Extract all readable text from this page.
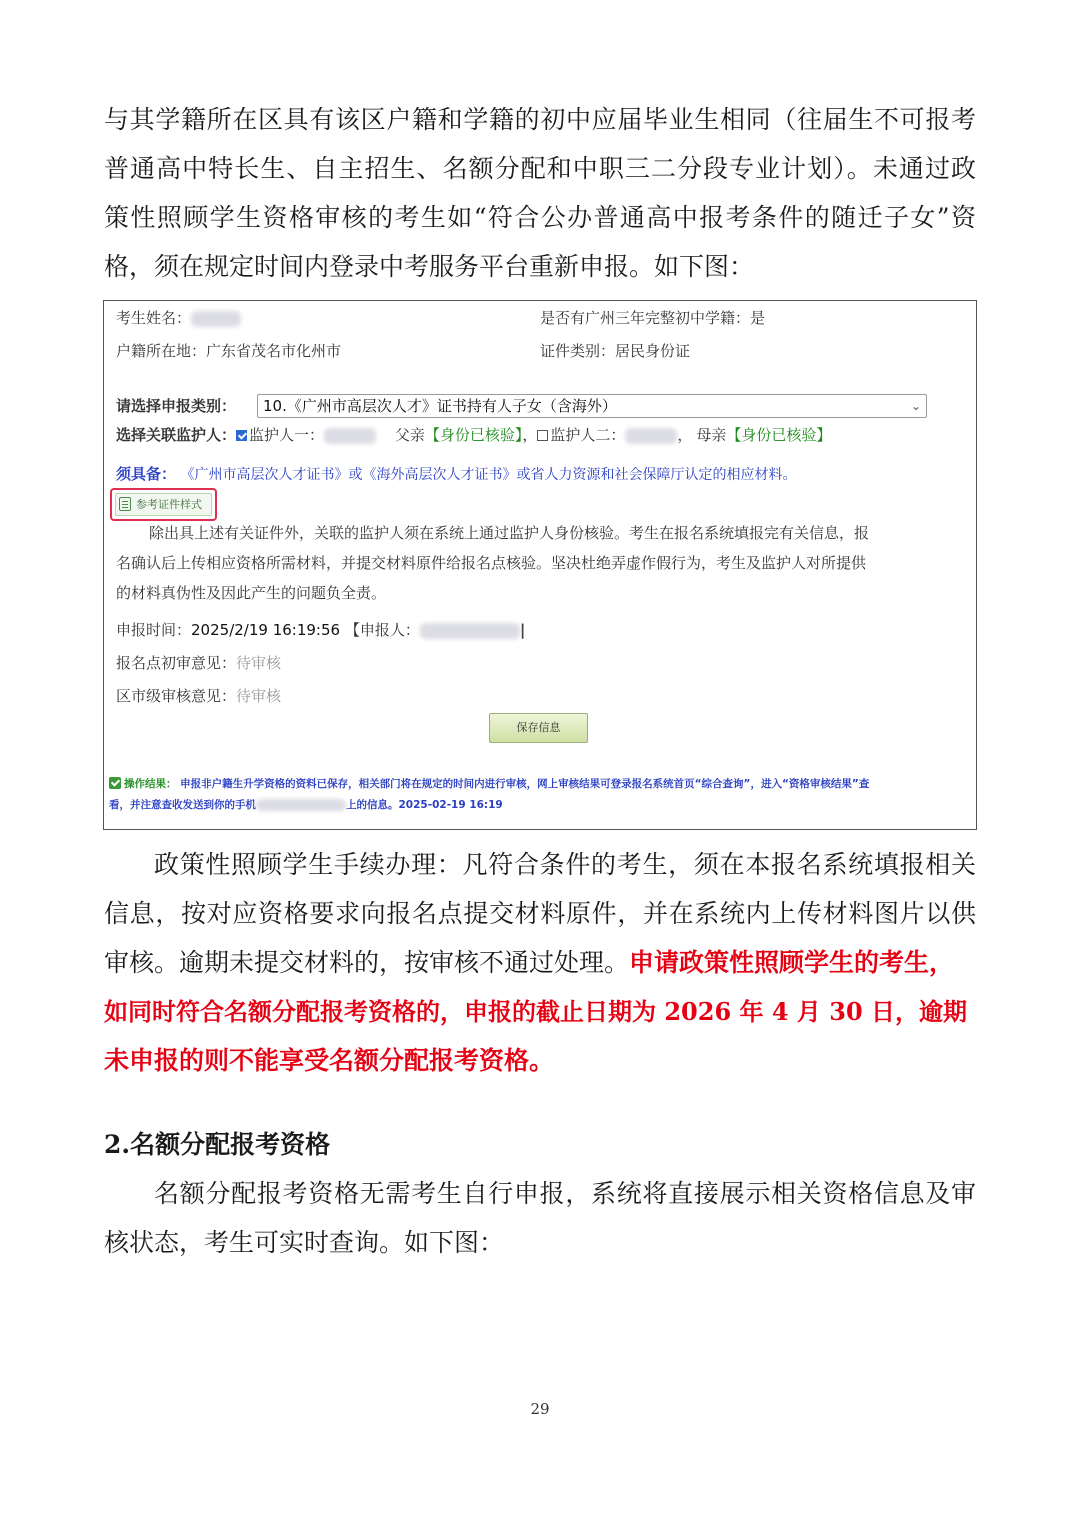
与其学籍所在区具有该区户籍和学籍的初中应届毕业生相同（往届生不可报考
普通高中特长生、自主招生、名额分配和中职三二分段专业计划）。未通过政
策性照顾学生资格审核的考生如“符合公办普通高中报考条件的随迁子女”资
格，须在规定时间内登录中考服务平台重新申报。如下图：
考生姓名：	是否有广州三年完整初中学籍：是
户籍所在地：广东省茂名市化州市	证件类别：居民身份证
请选择申报类别：	10.《广州市高层次人才》证书持有人子女（含海外）	⌄
选择关联监护人： 监护人一：	父亲【身份已核验】， 监护人二：	， 母亲【身份已核验】
须具备： 《广州市高层次人才证书》或《海外高层次人才证书》或省人力资源和社会保障厅认定的相应材料。
参考证件样式
除出具上述有关证件外，关联的监护人须在系统上通过监护人身份核验。考生在报名系统填报完有关信息，报
名确认后上传相应资格所需材料，并提交材料原件给报名点核验。坚决杜绝弄虚作假行为，考生及监护人对所提供
的材料真伪性及因此产生的问题负全责。
申报时间：2025/2/19 16:19:56 【申报人：	|
报名点初审意见：待审核
区市级审核意见：待审核
保存信息
操作结果： 申报非户籍生升学资格的资料已保存，相关部门将在规定的时间内进行审核，网上审核结果可登录报名系统首页“综合查询”，进入“资格审核结果”查
看，并注意查收发送到你的手机	上的信息。2025-02-19 16:19
政策性照顾学生手续办理：凡符合条件的考生，须在本报名系统填报相关
信息，按对应资格要求向报名点提交材料原件，并在系统内上传材料图片以供
审核。逾期未提交材料的，按审核不通过处理。申请政策性照顾学生的考生，
如同时符合名额分配报考资格的，申报的截止日期为 2026 年 4 月 30 日，逾期
未申报的则不能享受名额分配报考资格。
2.名额分配报考资格
名额分配报考资格无需考生自行申报，系统将直接展示相关资格信息及审
核状态，考生可实时查询。如下图：
29
